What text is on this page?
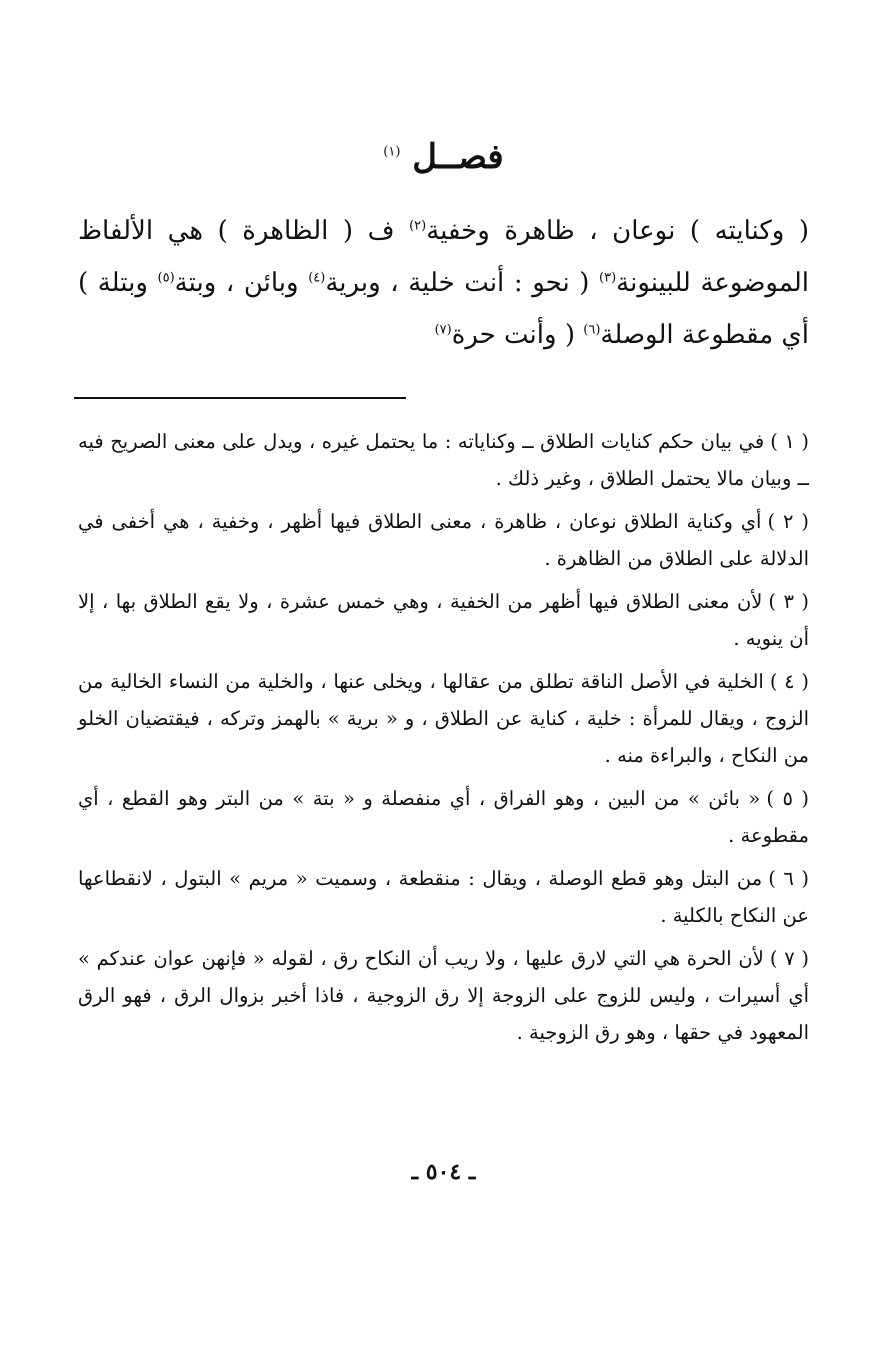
فصــل $^{(١)}$

( وكنايته ) نوعان ، ظاهرة وخفية$^{(٢)}$ ف ( الظاهرة ) هي الألفاظ الموضوعة للبينونة$^{(٣)}$ ( نحو : أنت خلية ، وبرية$^{(٤)}$ وبائن ، وبتة$^{(٥)}$ وبتلة ) أي مقطوعة الوصلة$^{(٦)}$ ( وأنت حرة$^{(٧)}$

( ١ )في بيان حكم كنايات الطلاق ــ وكناياته : ما يحتمل غيره ، ويدل على معنى الصريح فيه ــ وبيان مالا يحتمل الطلاق ، وغير ذلك .

( ٢ )أي وكناية الطلاق نوعان ، ظاهرة ، معنى الطلاق فيها أظهر ، وخفية ، هي أخفى في الدلالة على الطلاق من الظاهرة .

( ٣ )لأن معنى الطلاق فيها أظهر من الخفية ، وهي خمس عشرة ، ولا يقع الطلاق بها ، إلا أن ينويه .

( ٤ )الخلية في الأصل الناقة تطلق من عقالها ، ويخلى عنها ، والخلية من النساء الخالية من الزوج ، ويقال للمرأة : خلية ، كناية عن الطلاق ، و « برية » بالهمز وتركه ، فيقتضيان الخلو من النكاح ، والبراءة منه .

( ٥ )« بائن » من البين ، وهو الفراق ، أي منفصلة و « بتة » من البتر وهو القطع ، أي مقطوعة .

( ٦ )من البتل وهو قطع الوصلة ، ويقال : منقطعة ، وسميت « مريم » البتول ، لانقطاعها عن النكاح بالكلية .

( ٧ )لأن الحرة هي التي لارق عليها ، ولا ريب أن النكاح رق ، لقوله « فإنهن عوان عندكم » أي أسيرات ، وليس للزوج على الزوجة إلا رق الزوجية ، فاذا أخبر بزوال الرق ، فهو الرق المعهود في حقها ، وهو رق الزوجية .

ـ ٥٠٤ ـ
